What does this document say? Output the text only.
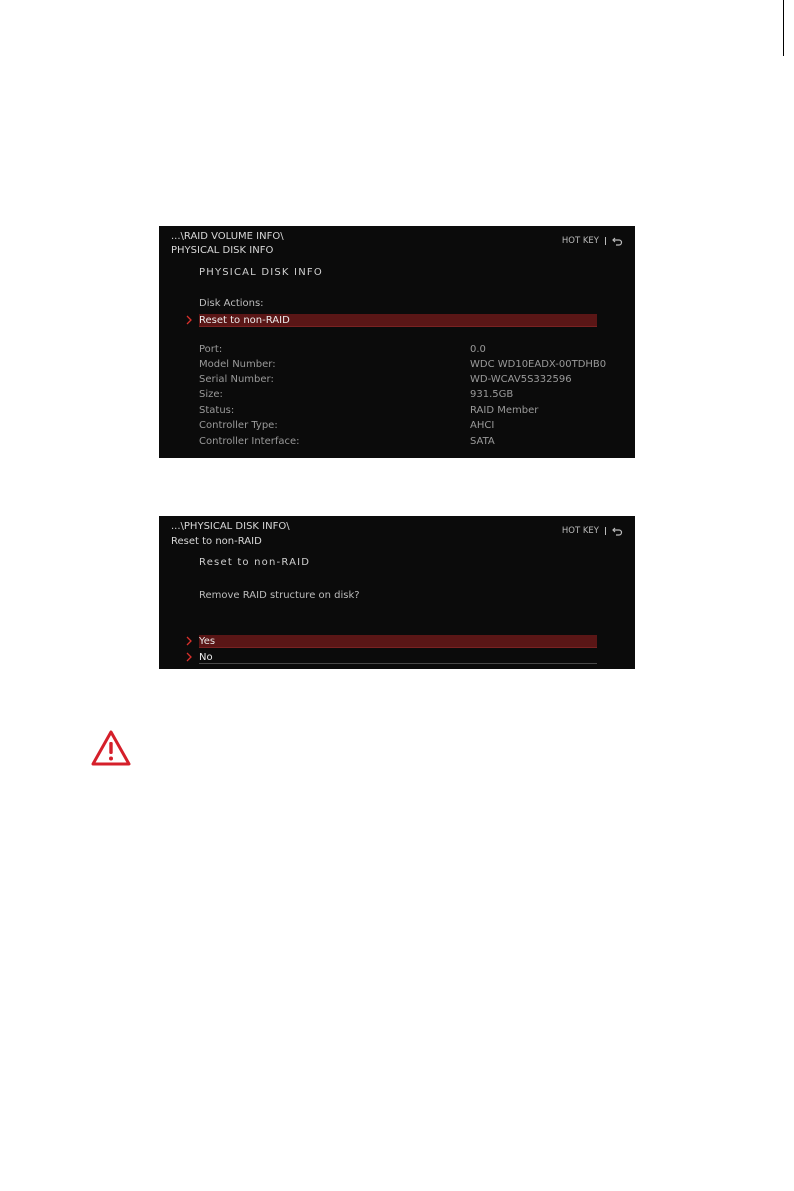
...\RAID VOLUME INFO\
PHYSICAL DISK INFO
HOT KEY
PHYSICAL DISK INFO
Disk Actions:
Reset to non-RAID
Port:	0.0
Model Number:	WDC WD10EADX-00TDHB0
Serial Number:	WD-WCAV5S332596
Size:	931.5GB
Status:	RAID Member
Controller Type:	AHCI
Controller Interface:	SATA
...\PHYSICAL DISK INFO\
Reset to non-RAID
HOT KEY
Reset to non-RAID
Remove RAID structure on disk?
Yes
No
